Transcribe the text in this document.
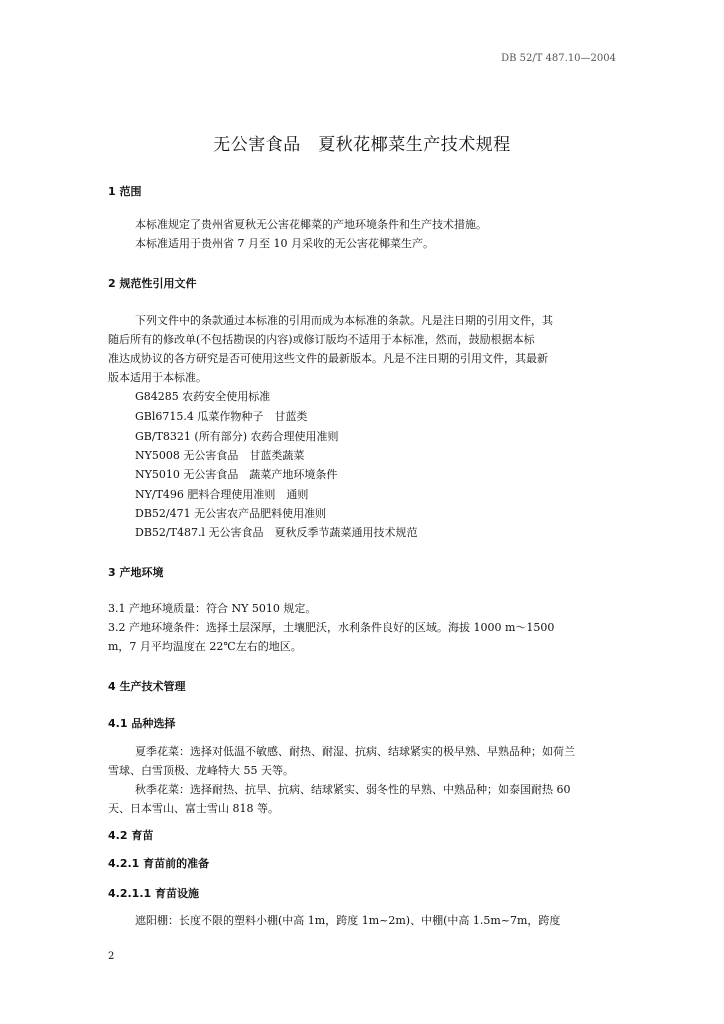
DB 52/T 487.10—2004
无公害食品　夏秋花椰菜生产技术规程
1 范围
本标准规定了贵州省夏秋无公害花椰菜的产地环境条件和生产技术措施。
本标准适用于贵州省 7 月至 10 月采收的无公害花椰菜生产。
2 规范性引用文件
下列文件中的条款通过本标准的引用而成为本标准的条款。凡是注日期的引用文件，其
随后所有的修改单(不包括勘误的内容)或修订版均不适用于本标准，然而，鼓励根据本标
准达成协议的各方研究是否可使用这些文件的最新版本。凡是不注日期的引用文件，其最新
版本适用于本标准。
G84285 农药安全使用标准
GBl6715.4 瓜菜作物种子　甘蓝类
GB/T8321 (所有部分) 农药合理使用准则
NY5008 无公害食品　甘蓝类蔬菜
NY5010 无公害食品　蔬菜产地环境条件
NY/T496 肥料合理使用准则　通则
DB52/471 无公害农产品肥料使用准则
DB52/T487.l 无公害食品　夏秋反季节蔬菜通用技术规范
3 产地环境
3.1 产地环境质量：符合 NY 5010 规定。
3.2 产地环境条件：选择土层深厚，土壤肥沃，水利条件良好的区域。海拔 1000 m～1500
m，7 月平均温度在 22℃左右的地区。
4 生产技术管理
4.1 品种选择
夏季花菜：选择对低温不敏感、耐热、耐湿、抗病、结球紧实的极早熟、早熟品种；如荷兰
雪球、白雪顶极、龙峰特大 55 天等。
秋季花菜：选择耐热、抗旱、抗病、结球紧实、弱冬性的早熟、中熟品种；如泰国耐热 60
天、日本雪山、富士雪山 818 等。
4.2 育苗
4.2.1 育苗前的准备
4.2.1.1 育苗设施
遮阳棚：长度不限的塑料小棚(中高 1m，跨度 1m~2m)、中棚(中高 1.5m~7m，跨度
2
